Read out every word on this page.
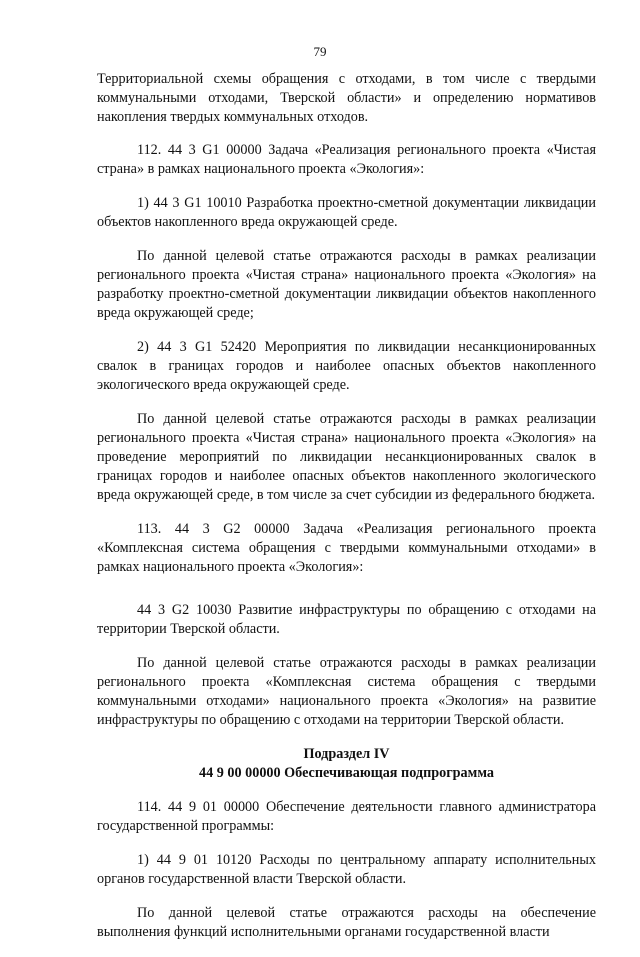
79

Территориальной схемы обращения с отходами, в том числе с твердыми коммунальными отходами, Тверской области» и определению нормативов накопления твердых коммунальных отходов.

112. 44 3 G1 00000 Задача «Реализация регионального проекта «Чистая страна» в рамках национального проекта «Экология»:

1) 44 3 G1 10010 Разработка проектно-сметной документации ликвидации объектов накопленного вреда окружающей среде.

По данной целевой статье отражаются расходы в рамках реализации регионального проекта «Чистая страна» национального проекта «Экология» на разработку проектно-сметной документации ликвидации объектов накопленного вреда окружающей среде;

2) 44 3 G1 52420 Мероприятия по ликвидации несанкционированных свалок в границах городов и наиболее опасных объектов накопленного экологического вреда окружающей среде.

По данной целевой статье отражаются расходы в рамках реализации регионального проекта «Чистая страна» национального проекта «Экология» на проведение мероприятий по ликвидации несанкционированных свалок в границах городов и наиболее опасных объектов накопленного экологического вреда окружающей среде, в том числе за счет субсидии из федерального бюджета.

113. 44 3 G2 00000 Задача «Реализация регионального проекта «Комплексная система обращения с твердыми коммунальными отходами» в рамках национального проекта «Экология»:

44 3 G2 10030 Развитие инфраструктуры по обращению с отходами на территории Тверской области.

По данной целевой статье отражаются расходы в рамках реализации регионального проекта «Комплексная система обращения с твердыми коммунальными отходами» национального проекта «Экология» на развитие инфраструктуры по обращению с отходами на территории Тверской области.

Подраздел IV
44 9 00 00000 Обеспечивающая подпрограмма

114. 44 9 01 00000 Обеспечение деятельности главного администратора государственной программы:

1) 44 9 01 10120 Расходы по центральному аппарату исполнительных органов государственной власти Тверской области.

По данной целевой статье отражаются расходы на обеспечение выполнения функций исполнительными органами государственной власти
